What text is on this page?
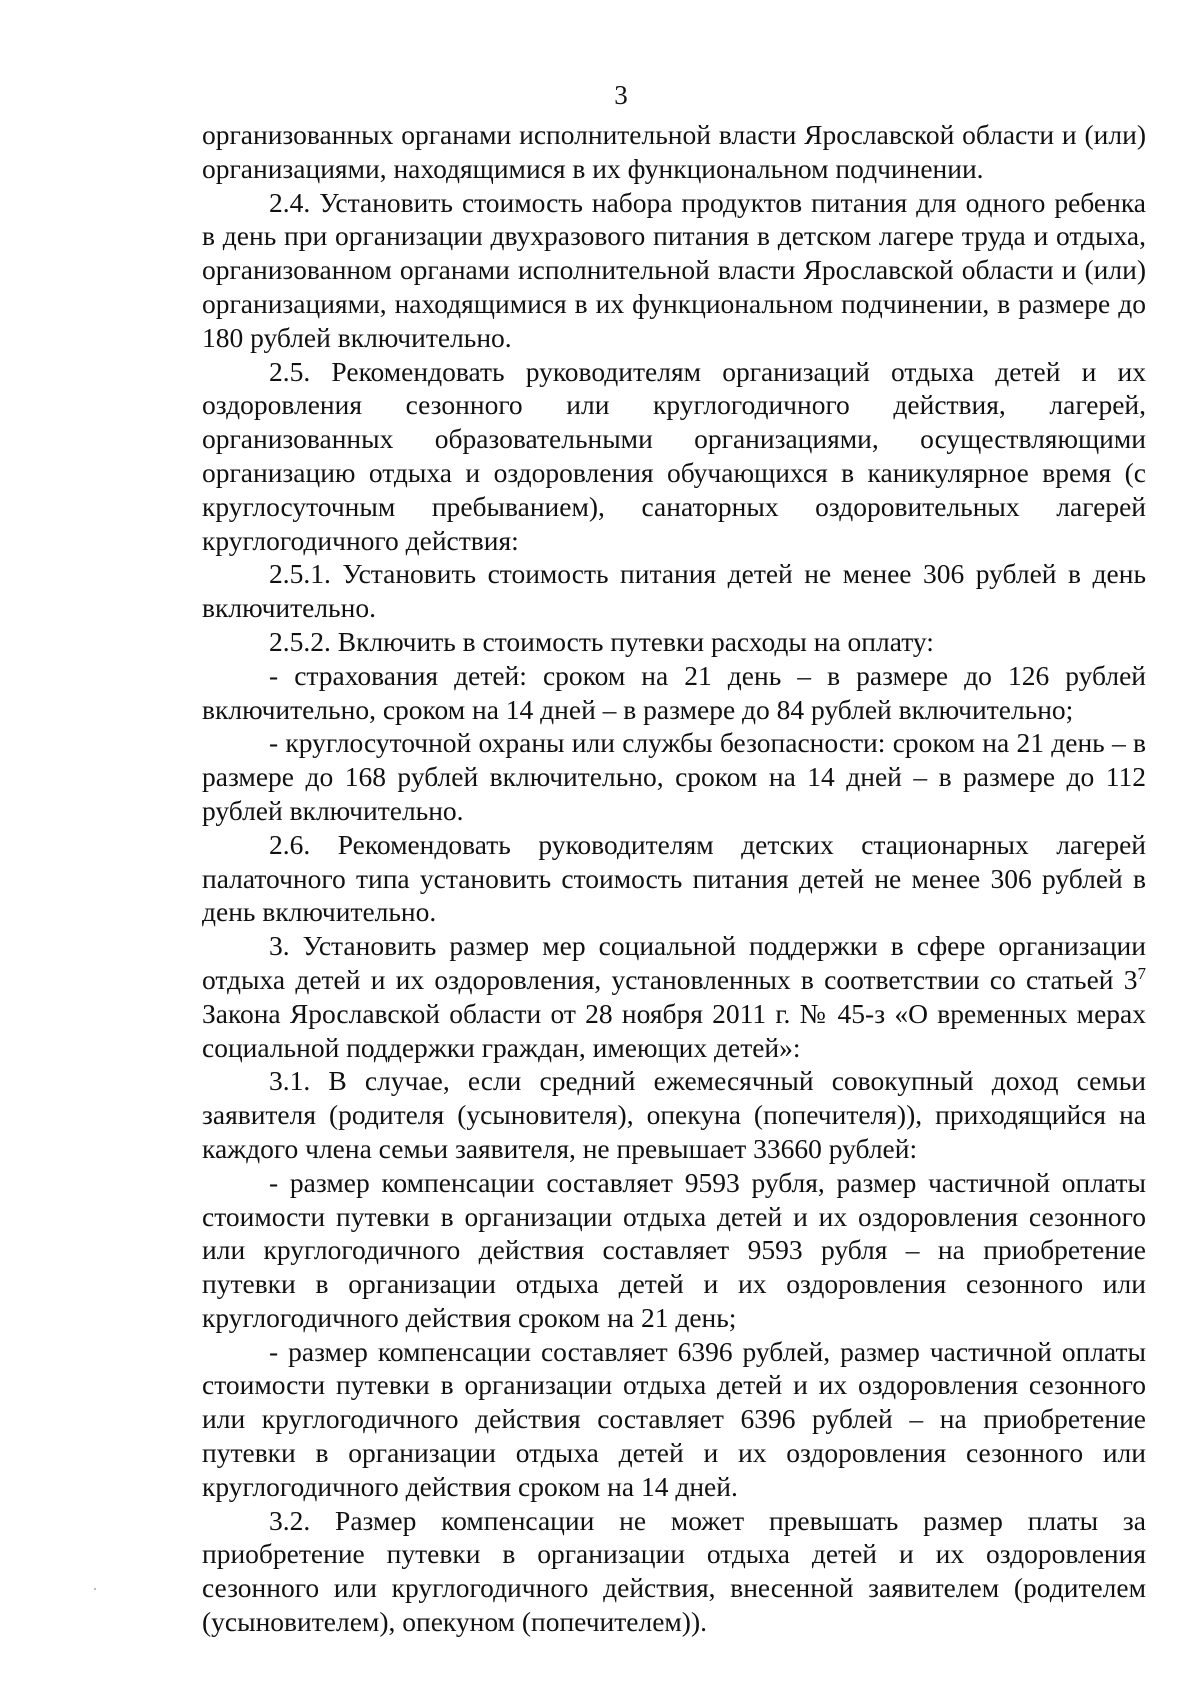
3

организованных органами исполнительной власти Ярославской области и (или) организациями, находящимися в их функциональном подчинении.

2.4. Установить стоимость набора продуктов питания для одного ребенка в день при организации двухразового питания в детском лагере труда и отдыха, организованном органами исполнительной власти Ярославской области и (или) организациями, находящимися в их функциональном подчинении, в размере до 180 рублей включительно.

2.5. Рекомендовать руководителям организаций отдыха детей и их оздоровления сезонного или круглогодичного действия, лагерей, организованных образовательными организациями, осуществляющими организацию отдыха и оздоровления обучающихся в каникулярное время (с круглосуточным пребыванием), санаторных оздоровительных лагерей круглогодичного действия:

2.5.1. Установить стоимость питания детей не менее 306 рублей в день включительно.

2.5.2. Включить в стоимость путевки расходы на оплату:

- страхования детей: сроком на 21 день – в размере до 126 рублей включительно, сроком на 14 дней – в размере до 84 рублей включительно;

- круглосуточной охраны или службы безопасности: сроком на 21 день – в размере до 168 рублей включительно, сроком на 14 дней – в размере до 112 рублей включительно.

2.6. Рекомендовать руководителям детских стационарных лагерей палаточного типа установить стоимость питания детей не менее 306 рублей в день включительно.

3. Установить размер мер социальной поддержки в сфере организации отдыха детей и их оздоровления, установленных в соответствии со статьей $3^7$ Закона Ярославской области от 28 ноября 2011 г. № 45-з «О временных мерах социальной поддержки граждан, имеющих детей»:

3.1. В случае, если средний ежемесячный совокупный доход семьи заявителя (родителя (усыновителя), опекуна (попечителя)), приходящийся на каждого члена семьи заявителя, не превышает 33660 рублей:

- размер компенсации составляет 9593 рубля, размер частичной оплаты стоимости путевки в организации отдыха детей и их оздоровления сезонного или круглогодичного действия составляет 9593 рубля – на приобретение путевки в организации отдыха детей и их оздоровления сезонного или круглогодичного действия сроком на 21 день;

- размер компенсации составляет 6396 рублей, размер частичной оплаты стоимости путевки в организации отдыха детей и их оздоровления сезонного или круглогодичного действия составляет 6396 рублей – на приобретение путевки в организации отдыха детей и их оздоровления сезонного или круглогодичного действия сроком на 14 дней.

3.2. Размер компенсации не может превышать размер платы за приобретение путевки в организации отдыха детей и их оздоровления сезонного или круглогодичного действия, внесенной заявителем (родителем (усыновителем), опекуном (попечителем)).
